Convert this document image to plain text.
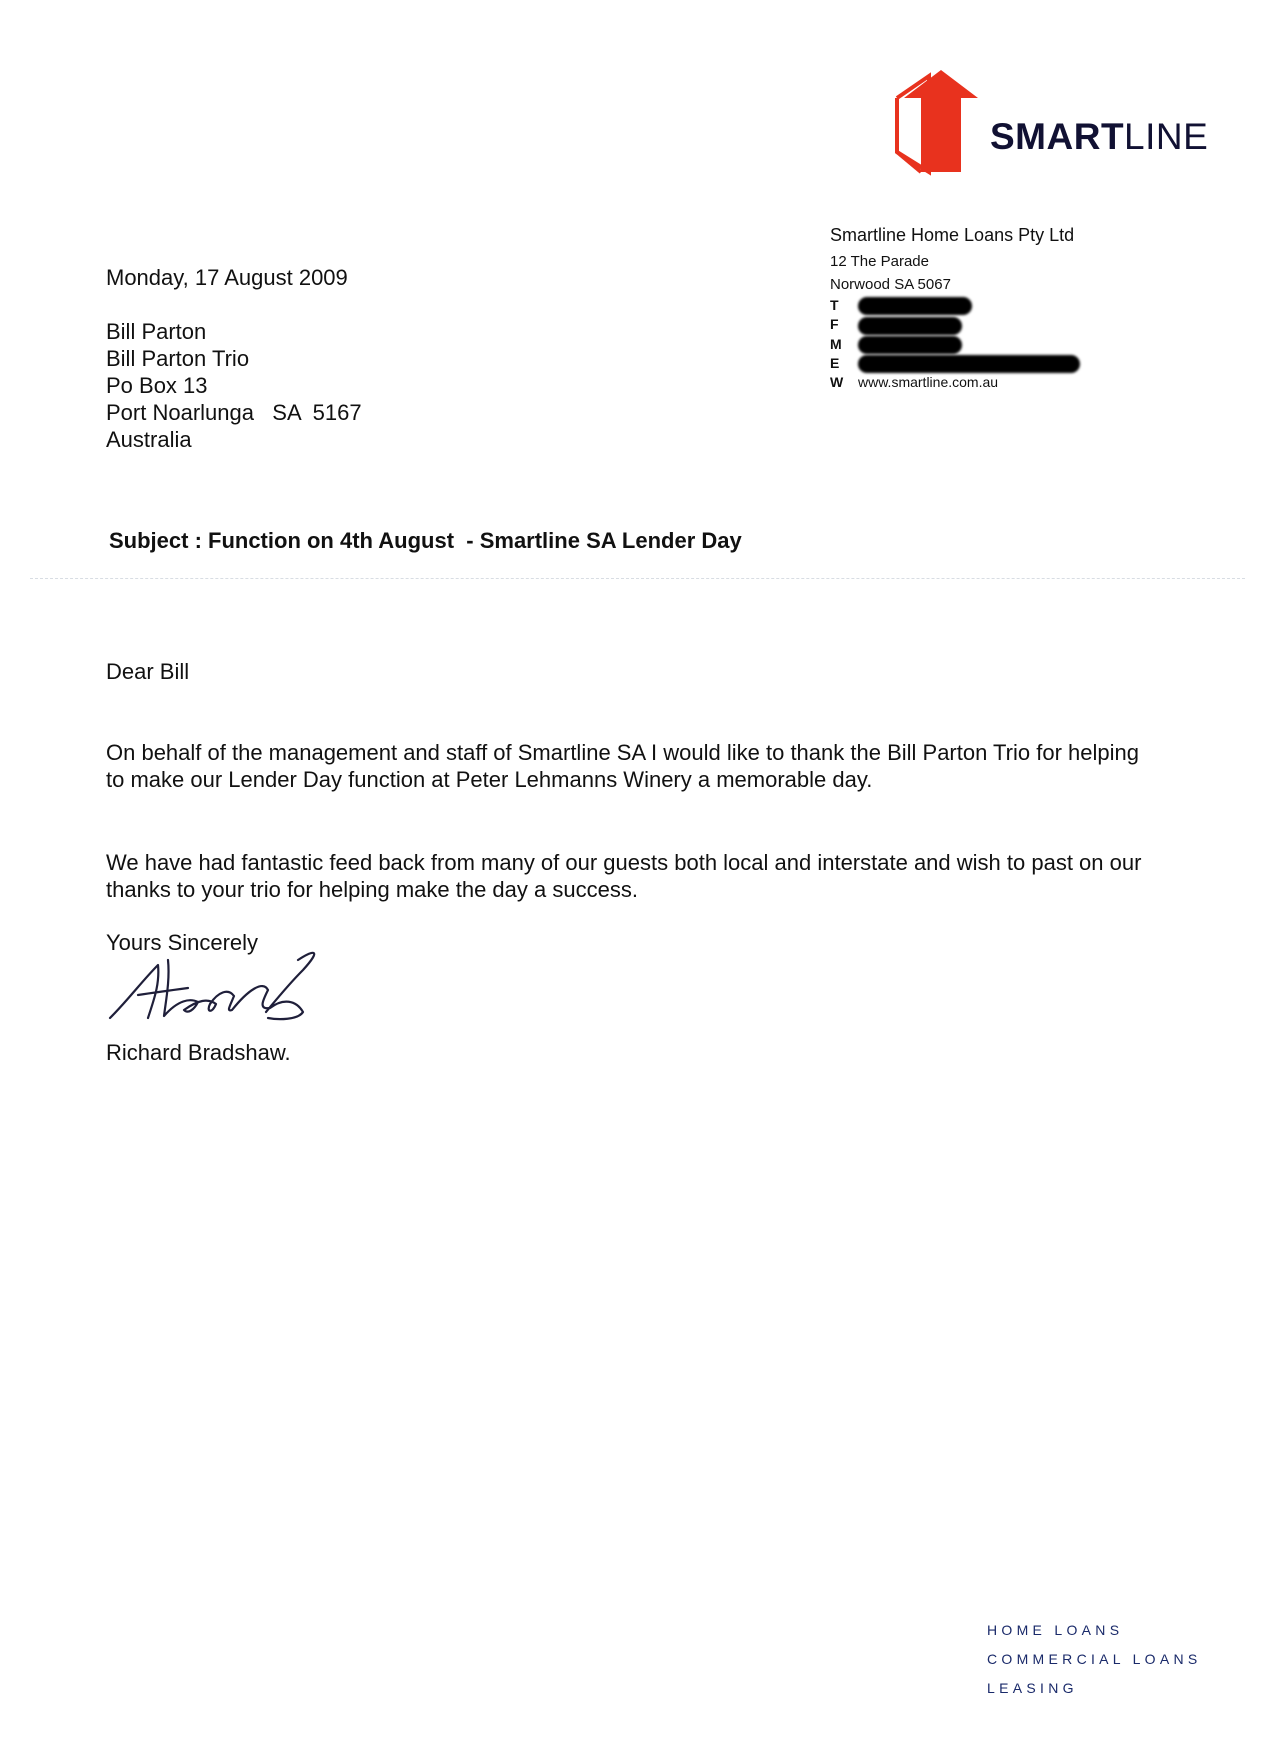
SMARTLINE
Smartline Home Loans Pty Ltd
12 The Parade
Norwood SA 5067
T
F
M
E
W www.smartline.com.au
Monday, 17 August 2009
Bill Parton
Bill Parton Trio
Po Box 13
Port Noarlunga   SA  5167
Australia
Subject : Function on 4th August  - Smartline SA Lender Day
Dear Bill
On behalf of the management and staff of Smartline SA I would like to thank the Bill Parton Trio for helping to make our Lender Day function at Peter Lehmanns Winery a memorable day.
We have had fantastic feed back from many of our guests both local and interstate and wish to past on our thanks to your trio for helping make the day a success.
Yours Sincerely
Richard Bradshaw.
HOME LOANS
COMMERCIAL LOANS
LEASING
